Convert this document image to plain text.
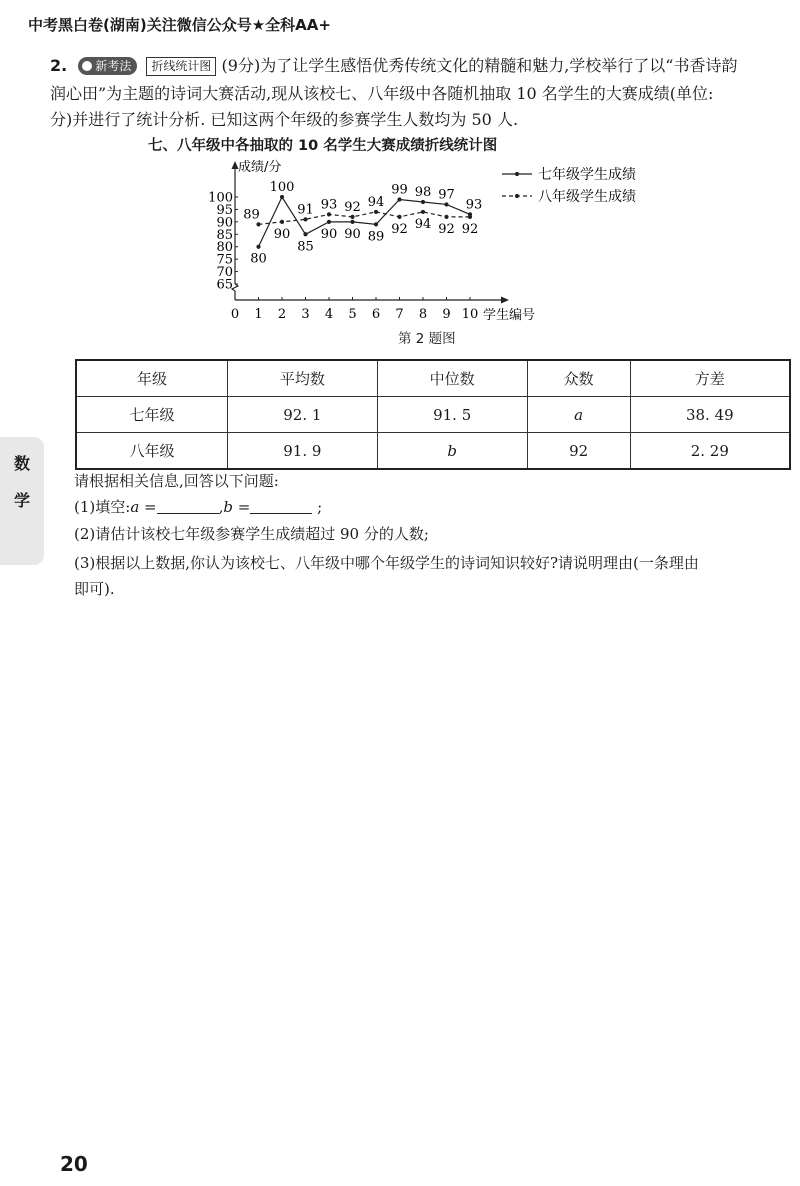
中考黑白卷(湖南)关注微信公众号★全科AA+
2. 新考法 折线统计图 (9分)为了让学生感悟优秀传统文化的精髓和魅力,学校举行了以“书香诗韵
润心田”为主题的诗词大赛活动,现从该校七、八年级中各随机抽取 10 名学生的大赛成绩(单位:
分)并进行了统计分析. 已知这两个年级的参赛学生人数均为 50 人.
七、八年级中各抽取的 10 名学生大赛成绩折线统计图
成绩/分
学生编号
0 1 2 3 4 5 6 7 8 9 10
65
70
75
80
85
90
95
100
80
100
85
90 90 89
99 98 97
93
89
90
91 93 92 94
92 94 92 92
七年级学生成绩
八年级学生成绩
第 2 题图
年级	平均数	中位数	众数	方差
七年级	92. 1	91. 5	a	38. 49
八年级	91. 9	b	92	2. 29
请根据相关信息,回答以下问题:
(1)填空:a =	,b =	;
(2)请估计该校七年级参赛学生成绩超过 90 分的人数;
(3)根据以上数据,你认为该校七、八年级中哪个年级学生的诗词知识较好?请说明理由(一条理由
即可).
数
学
20
